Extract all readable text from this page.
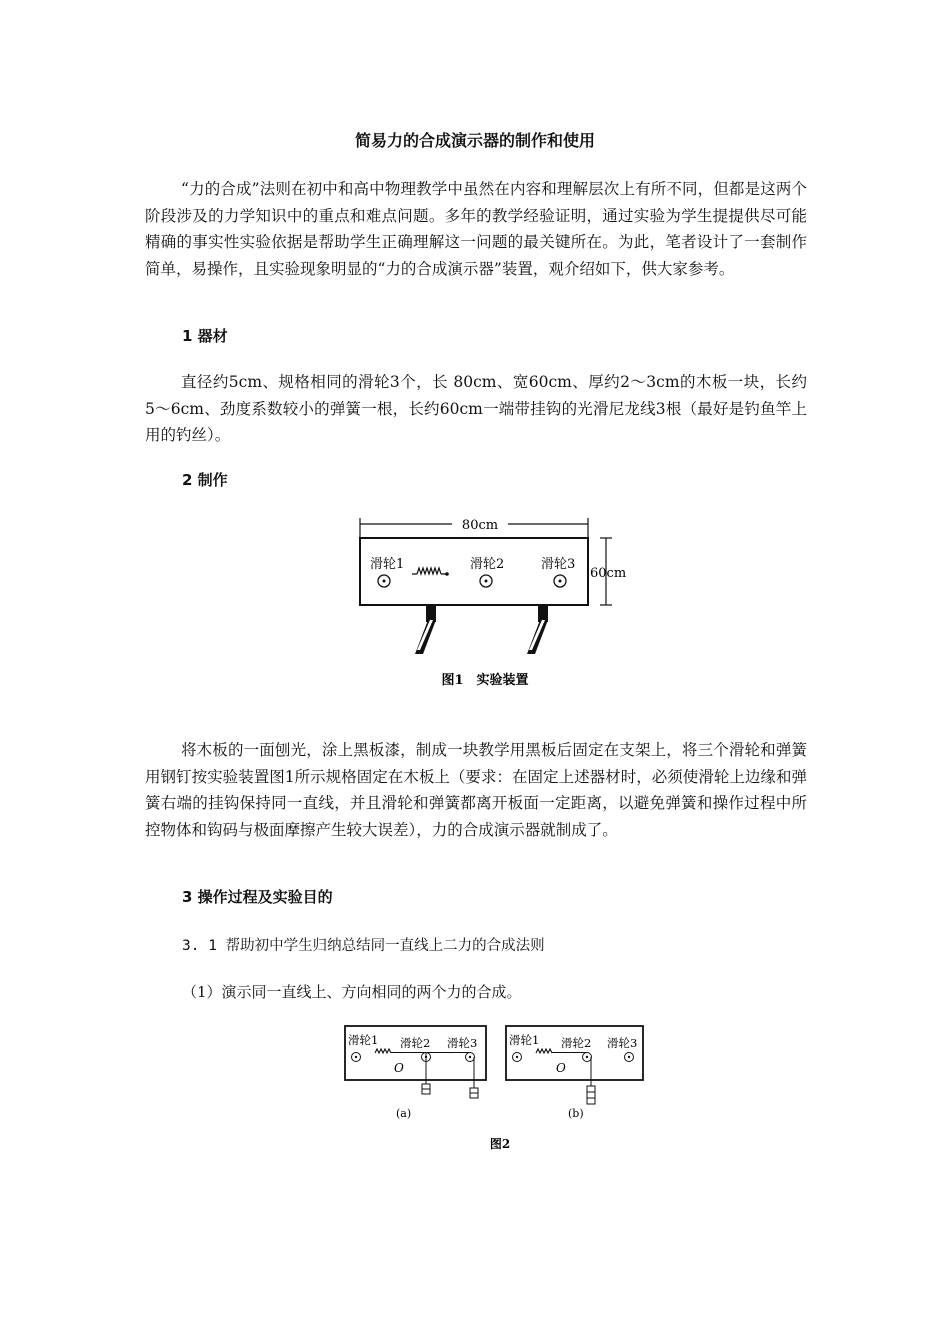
简易力的合成演示器的制作和使用

“力的合成”法则在初中和高中物理教学中虽然在内容和理解层次上有所不同，但都是这两个阶段涉及的力学知识中的重点和难点问题。多年的教学经验证明，通过实验为学生提提供尽可能精确的事实性实验依据是帮助学生正确理解这一问题的最关键所在。为此，笔者设计了一套制作简单，易操作，且实验现象明显的“力的合成演示器”装置，观介绍如下，供大家参考。

1 器材

直径约5cm、规格相同的滑轮3个，长 80cm、宽60cm、厚约2～3cm的木板一块，长约 5～6cm、劲度系数较小的弹簧一根，长约60cm一端带挂钩的光滑尼龙线3根（最好是钓鱼竿上用的钓丝）。

2 制作
80cm
60cm
滑轮1	滑轮2	滑轮3
图1　实验装置

将木板的一面刨光，涂上黑板漆，制成一块教学用黑板后固定在支架上，将三个滑轮和弹簧用钢钉按实验装置图1所示规格固定在木板上（要求：在固定上述器材时，必须使滑轮上边缘和弹簧右端的挂钩保持同一直线，并且滑轮和弹簧都离开板面一定距离，以避免弹簧和操作过程中所控物体和钩码与极面摩擦产生较大误差），力的合成演示器就制成了。

3 操作过程及实验目的
3. 1 帮助初中学生归纳总结同一直线上二力的合成法则
（1）演示同一直线上、方向相同的两个力的合成。
滑轮1 滑轮2 滑轮3
O
(a)
滑轮1 滑轮2 滑轮3
O
(b)
图2
